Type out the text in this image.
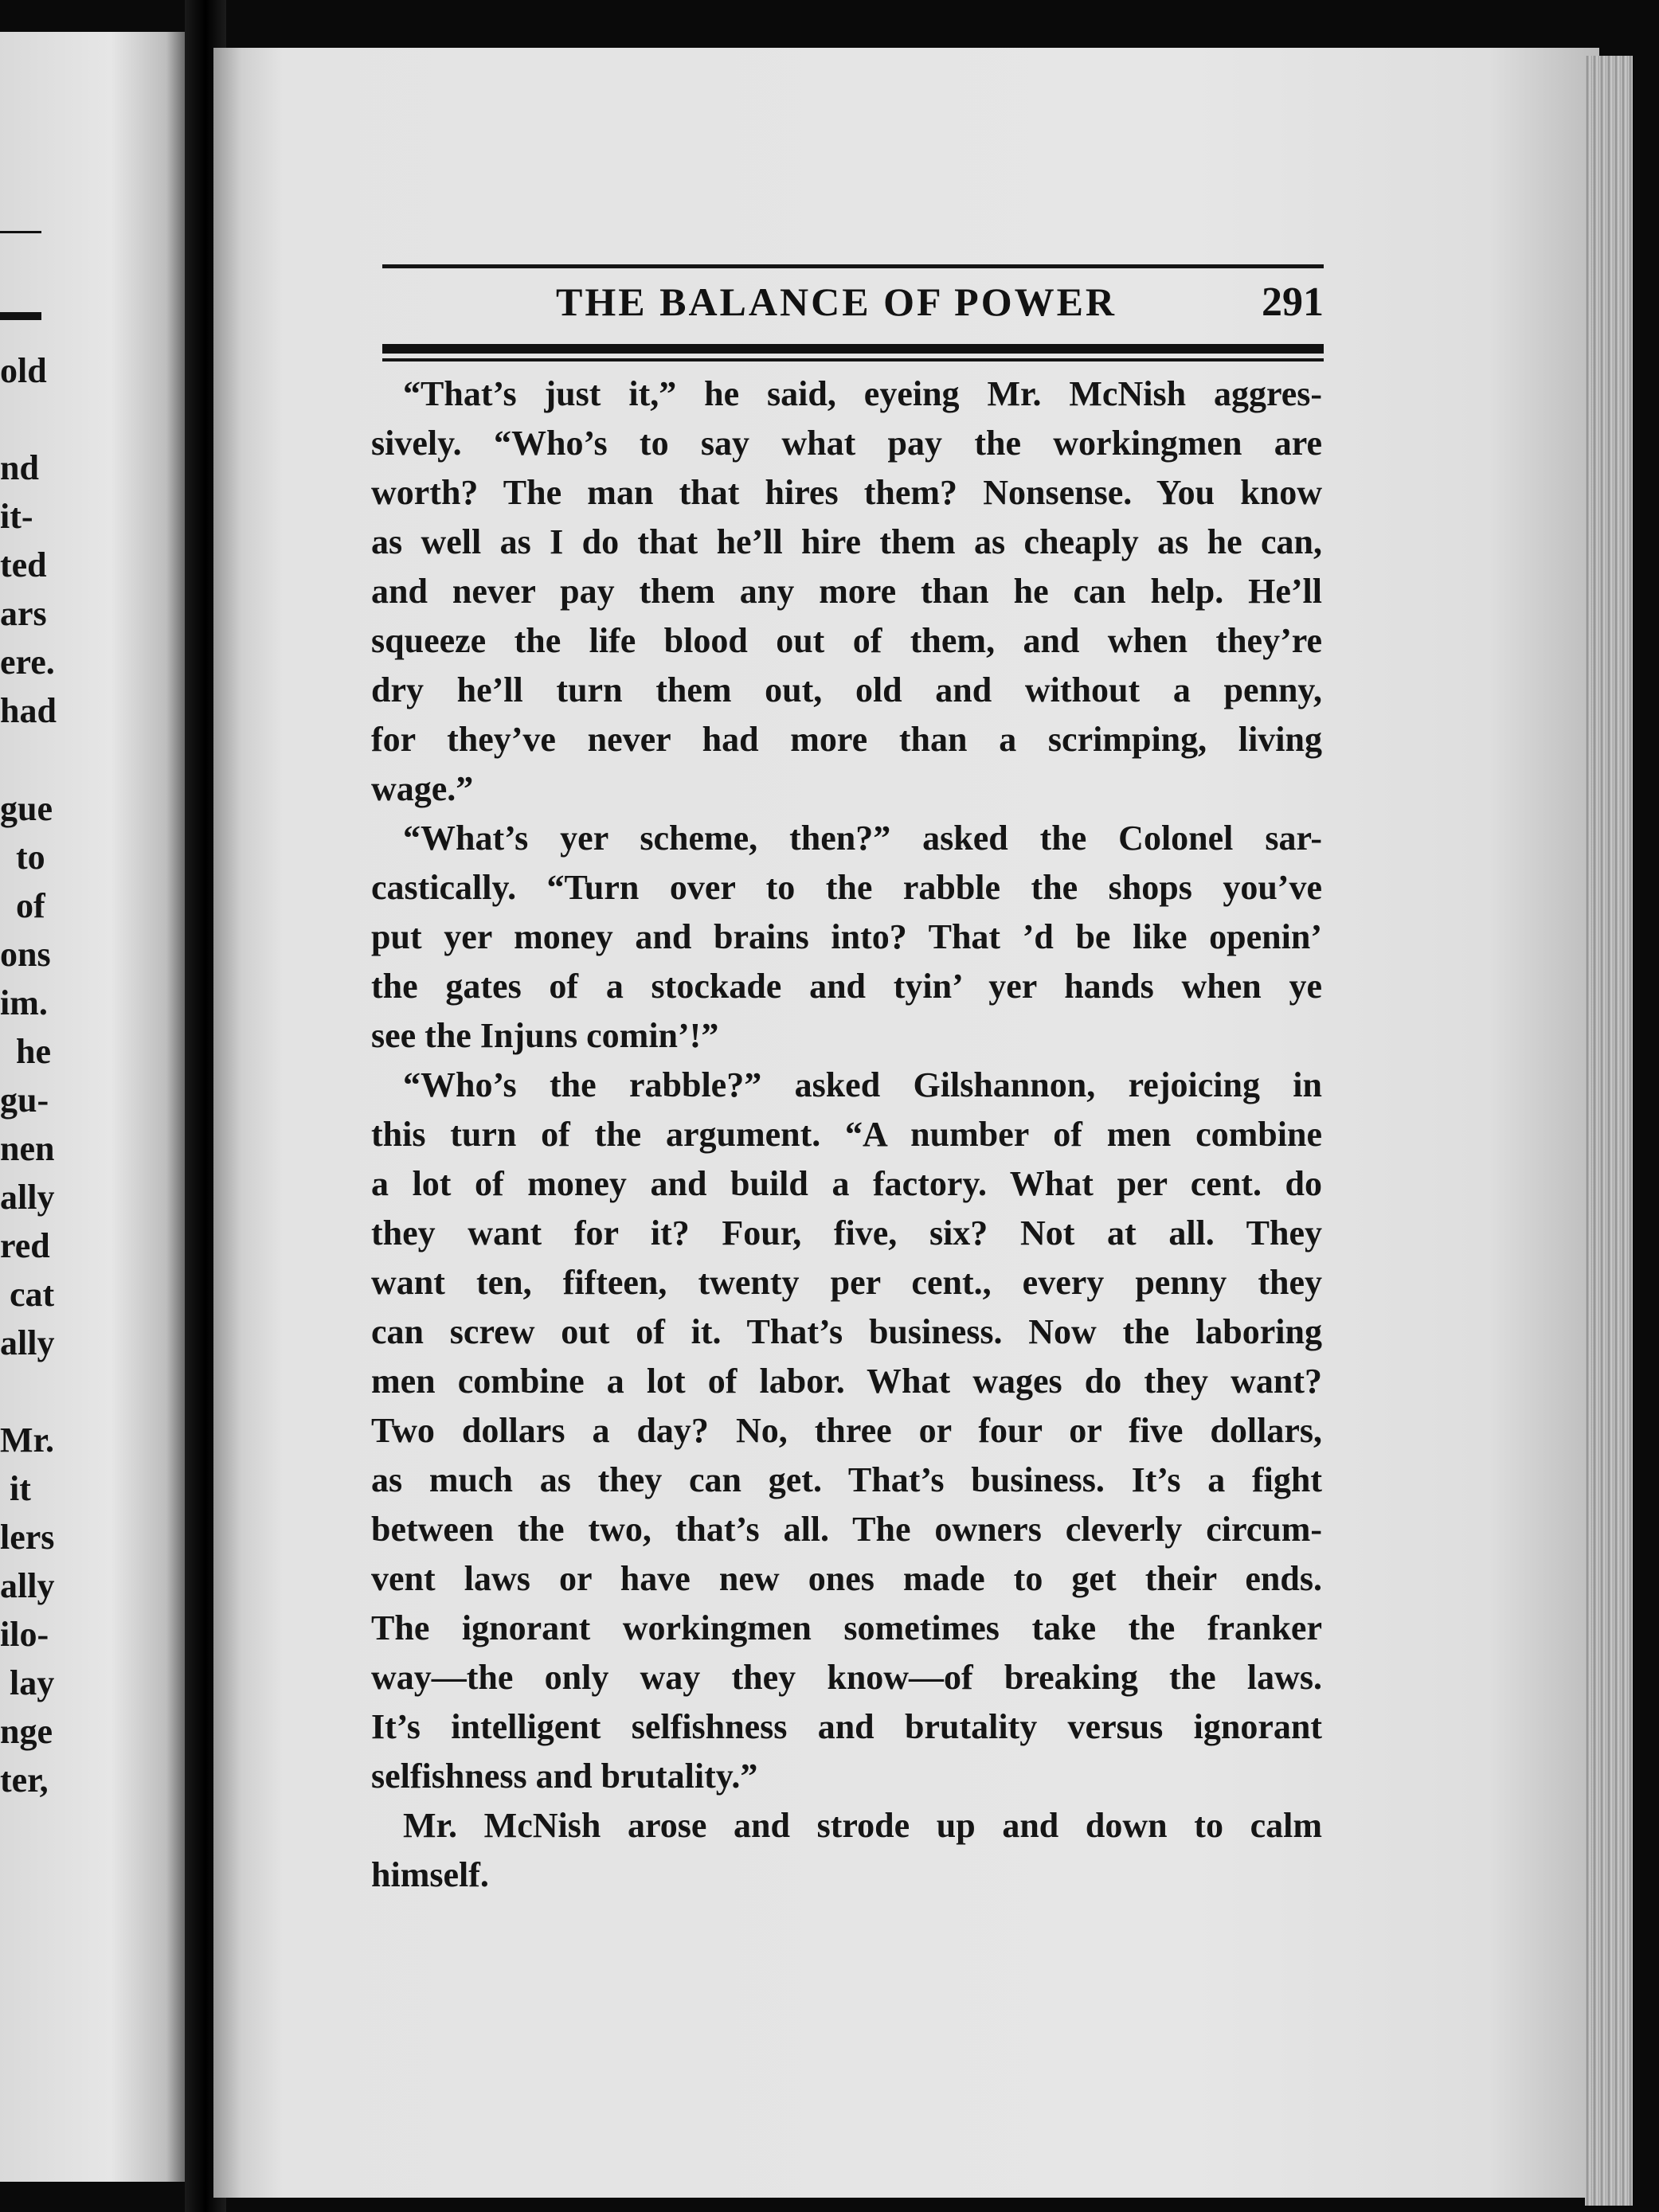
old
nd
it-
ted
ars
ere.
had
gue
to
of
ons
im.
he
gu-
nen
ally
red
cat
ally
Mr.
it
lers
ally
ilo-
lay
nge
ter,
THE BALANCE OF POWER	291
“That’s just it,” he said, eyeing Mr. McNish aggres-
sively. “Who’s to say what pay the workingmen are
worth? The man that hires them? Nonsense. You know
as well as I do that he’ll hire them as cheaply as he can,
and never pay them any more than he can help. He’ll
squeeze the life blood out of them, and when they’re
dry he’ll turn them out, old and without a penny,
for they’ve never had more than a scrimping, living
wage.”
“What’s yer scheme, then?” asked the Colonel sar-
castically. “Turn over to the rabble the shops you’ve
put yer money and brains into? That ’d be like openin’
the gates of a stockade and tyin’ yer hands when ye
see the Injuns comin’!”
“Who’s the rabble?” asked Gilshannon, rejoicing in
this turn of the argument. “A number of men combine
a lot of money and build a factory. What per cent. do
they want for it? Four, five, six? Not at all. They
want ten, fifteen, twenty per cent., every penny they
can screw out of it. That’s business. Now the laboring
men combine a lot of labor. What wages do they want?
Two dollars a day? No, three or four or five dollars,
as much as they can get. That’s business. It’s a fight
between the two, that’s all. The owners cleverly circum-
vent laws or have new ones made to get their ends.
The ignorant workingmen sometimes take the franker
way—the only way they know—of breaking the laws.
It’s intelligent selfishness and brutality versus ignorant
selfishness and brutality.”
Mr. McNish arose and strode up and down to calm
himself.
